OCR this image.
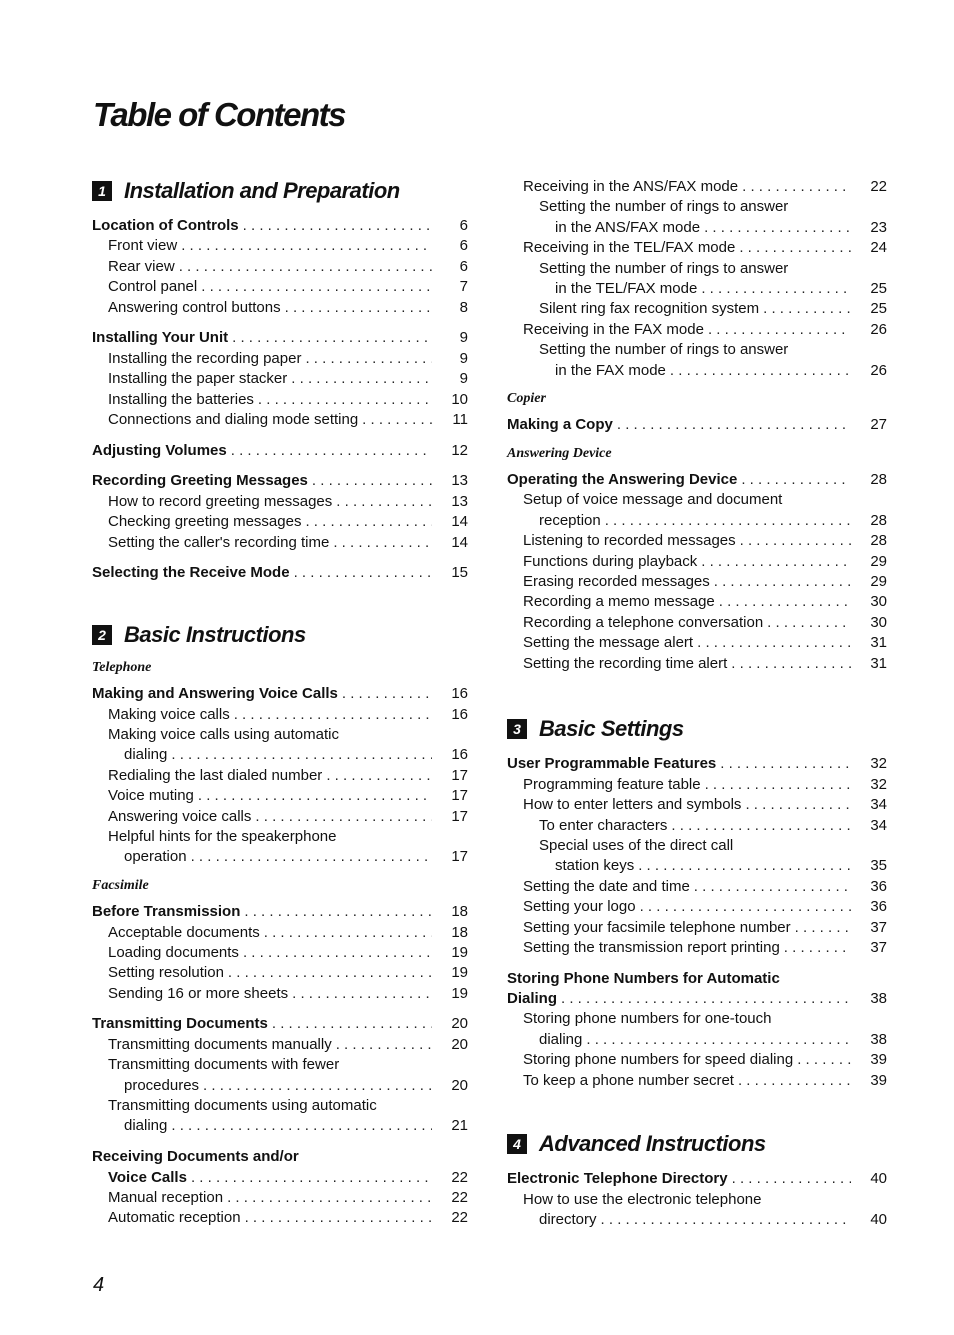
Table of Contents
1 Installation and Preparation
Location of Controls . . .	6
Front view . . .	6
Rear view . . .	6
Control panel . . .	7
Answering control buttons . . .	8
Installing Your Unit . . .	9
Installing the recording paper . . .	9
Installing the paper stacker . . .	9
Installing the batteries . . .	10
Connections and dialing mode setting . . .	11
Adjusting Volumes . . .	12
Recording Greeting Messages . . .	13
How to record greeting messages . . .	13
Checking greeting messages . . .	14
Setting the caller's recording time . . .	14
Selecting the Receive Mode . . .	15
2 Basic Instructions
Telephone
Making and Answering Voice Calls . . .	16
Making voice calls . . .	16
Making voice calls using automatic
dialing . . .	16
Redialing the last dialed number . . .	17
Voice muting . . .	17
Answering voice calls . . .	17
Helpful hints for the speakerphone
operation . . .	17
Facsimile
Before Transmission . . .	18
Acceptable documents . . .	18
Loading documents . . .	19
Setting resolution . . .	19
Sending 16 or more sheets . . .	19
Transmitting Documents . . .	20
Transmitting documents manually . . .	20
Transmitting documents with fewer
procedures . . .	20
Transmitting documents using automatic
dialing . . .	21
Receiving Documents and/or
Voice Calls . . .	22
Manual reception . . .	22
Automatic reception . . .	22
Receiving in the ANS/FAX mode . . .	22
Setting the number of rings to answer
in the ANS/FAX mode . . .	23
Receiving in the TEL/FAX mode . . .	24
Setting the number of rings to answer
in the TEL/FAX mode . . .	25
Silent ring fax recognition system . . .	25
Receiving in the FAX mode . . .	26
Setting the number of rings to answer
in the FAX mode . . .	26
Copier
Making a Copy . . .	27
Answering Device
Operating the Answering Device . . .	28
Setup of voice message and document
reception . . .	28
Listening to recorded messages . . .	28
Functions during playback . . .	29
Erasing recorded messages . . .	29
Recording a memo message . . .	30
Recording a telephone conversation . . .	30
Setting the message alert . . .	31
Setting the recording time alert . . .	31
3 Basic Settings
User Programmable Features . . .	32
Programming feature table . . .	32
How to enter letters and symbols . . .	34
To enter characters . . .	34
Special uses of the direct call
station keys . . .	35
Setting the date and time . . .	36
Setting your logo . . .	36
Setting your facsimile telephone number . . .	37
Setting the transmission report printing . . .	37
Storing Phone Numbers for Automatic
Dialing . . .	38
Storing phone numbers for one-touch
dialing . . .	38
Storing phone numbers for speed dialing . . .	39
To keep a phone number secret . . .	39
4 Advanced Instructions
Electronic Telephone Directory . . .	40
How to use the electronic telephone
directory . . .	40
4
